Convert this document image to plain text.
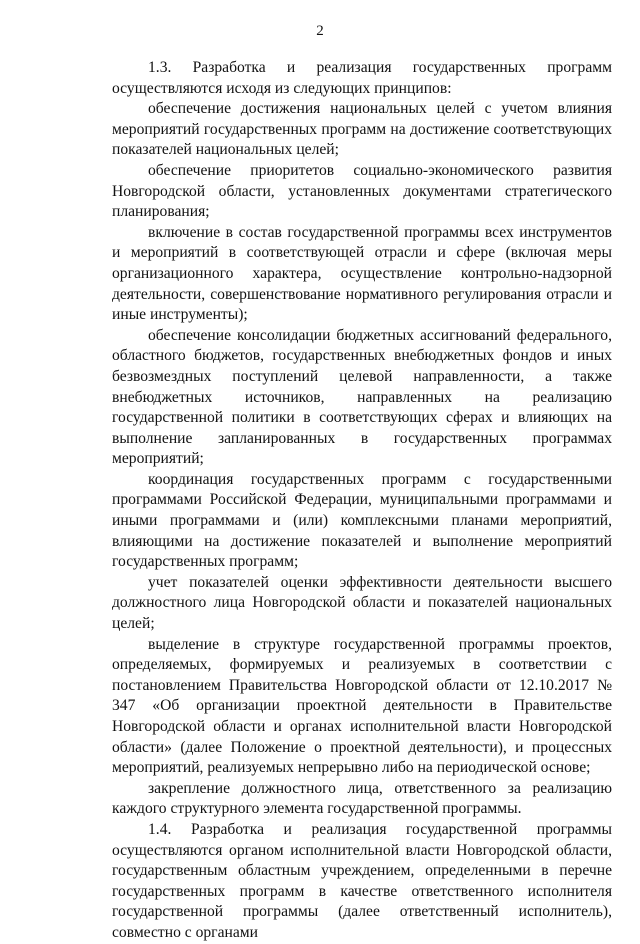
2

1.3. Разработка и реализация государственных программ осуществляются исходя из следующих принципов:

обеспечение достижения национальных целей с учетом влияния мероприятий государственных программ на достижение соответствующих показателей национальных целей;

обеспечение приоритетов социально-экономического развития Новгородской области, установленных документами стратегического планирования;

включение в состав государственной программы всех инструментов и мероприятий в соответствующей отрасли и сфере (включая меры организационного характера, осуществление контрольно-надзорной деятельности, совершенствование нормативного регулирования отрасли и иные инструменты);

обеспечение консолидации бюджетных ассигнований федерального, областного бюджетов, государственных внебюджетных фондов и иных безвозмездных поступлений целевой направленности, а также внебюджетных источников, направленных на реализацию государственной политики в соответствующих сферах и влияющих на выполнение запланированных в государственных программах мероприятий;

координация государственных программ с государственными программами Российской Федерации, муниципальными программами и иными программами и (или) комплексными планами мероприятий, влияющими на достижение показателей и выполнение мероприятий государственных программ;

учет показателей оценки эффективности деятельности высшего должностного лица Новгородской области и показателей национальных целей;

выделение в структуре государственной программы проектов, определяемых, формируемых и реализуемых в соответствии с постановлением Правительства Новгородской области от 12.10.2017 № 347 «Об организации проектной деятельности в Правительстве Новгородской области и органах исполнительной власти Новгородской области» (далее Положение о проектной деятельности), и процессных мероприятий, реализуемых непрерывно либо на периодической основе;

закрепление должностного лица, ответственного за реализацию каждого структурного элемента государственной программы.

1.4. Разработка и реализация государственной программы осуществляются органом исполнительной власти Новгородской области, государственным областным учреждением, определенными в перечне государственных программ в качестве ответственного исполнителя государственной программы (далее ответственный исполнитель), совместно с органами
